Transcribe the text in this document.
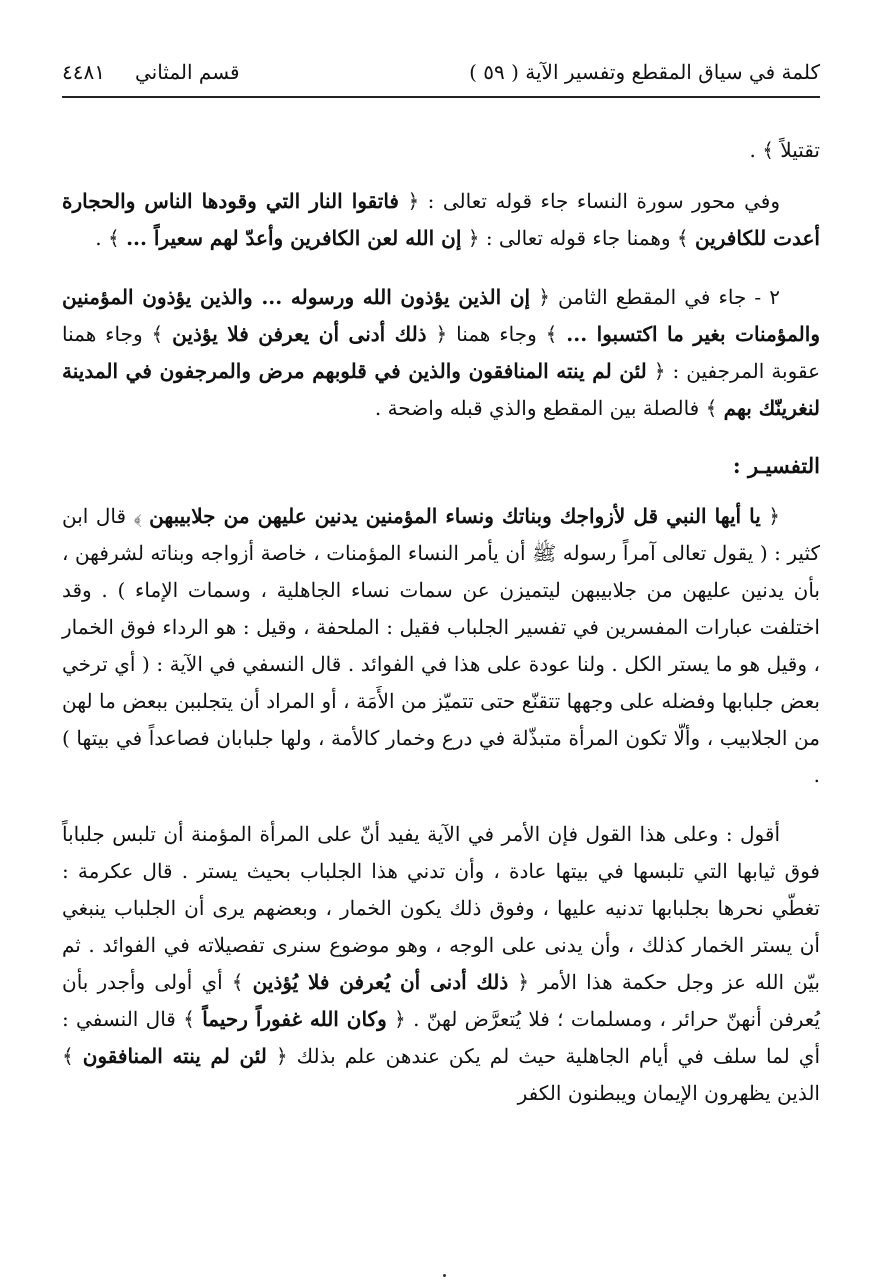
كلمة في سياق المقطع وتفسير الآية ( ٥٩ )
قسم المثاني
٤٤٨١

تقتيلاً ﴾ .

وفي محور سورة النساء جاء قوله تعالى : ﴿ فاتقوا النار التي وقودها الناس والحجارة أعدت للكافرين ﴾ وهمنا جاء قوله تعالى : ﴿ إن الله لعن الكافرين وأعدّ لهم سعيراً ... ﴾ .

٢ - جاء في المقطع الثامن ﴿ إن الذين يؤذون الله ورسوله ... والذين يؤذون المؤمنين والمؤمنات بغير ما اكتسبوا ... ﴾ وجاء همنا ﴿ ذلك أدنى أن يعرفن فلا يؤذين ﴾ وجاء همنا عقوبة المرجفين : ﴿ لئن لم ينته المنافقون والذين في قلوبهم مرض والمرجفون في المدينة لنغرينّك بهم ﴾ فالصلة بين المقطع والذي قبله واضحة .

التفسيـر :

﴿ يا أيها النبي قل لأزواجك وبناتك ونساء المؤمنين يدنين عليهن من جلابيبهن ﴾ قال ابن كثير : ( يقول تعالى آمراً رسوله ﷺ أن يأمر النساء المؤمنات ، خاصة أزواجه وبناته لشرفهن ، بأن يدنين عليهن من جلابيبهن ليتميزن عن سمات نساء الجاهلية ، وسمات الإماء ) . وقد اختلفت عبارات المفسرين في تفسير الجلباب فقيل : الملحفة ، وقيل : هو الرداء فوق الخمار ، وقيل هو ما يستر الكل . ولنا عودة على هذا في الفوائد . قال النسفي في الآية : ( أي ترخي بعض جلبابها وفضله على وجهها تتقنّع حتى تتميّز من الأَمَة ، أو المراد أن يتجلببن ببعض ما لهن من الجلابيب ، وألّا تكون المرأة متبذّلة في درع وخمار كالأمة ، ولها جلبابان فصاعداً في بيتها ) .

أقول : وعلى هذا القول فإن الأمر في الآية يفيد أنّ على المرأة المؤمنة أن تلبس جلباباً فوق ثيابها التي تلبسها في بيتها عادة ، وأن تدني هذا الجلباب بحيث يستر . قال عكرمة : تغطّي نحرها بجلبابها تدنيه عليها ، وفوق ذلك يكون الخمار ، وبعضهم يرى أن الجلباب ينبغي أن يستر الخمار كذلك ، وأن يدنى على الوجه ، وهو موضوع سنرى تفصيلاته في الفوائد . ثم بيّن الله عز وجل حكمة هذا الأمر ﴿ ذلك أدنى أن يُعرفن فلا يُؤذين ﴾ أي أولى وأجدر بأن يُعرفن أنهنّ حرائر ، ومسلمات ؛ فلا يُتعرَّض لهنّ . ﴿ وكان الله غفوراً رحيماً ﴾ قال النسفي : أي لما سلف في أيام الجاهلية حيث لم يكن عندهن علم بذلك ﴿ لئن لم ينته المنافقون ﴾ الذين يظهرون الإيمان ويبطنون الكفر
